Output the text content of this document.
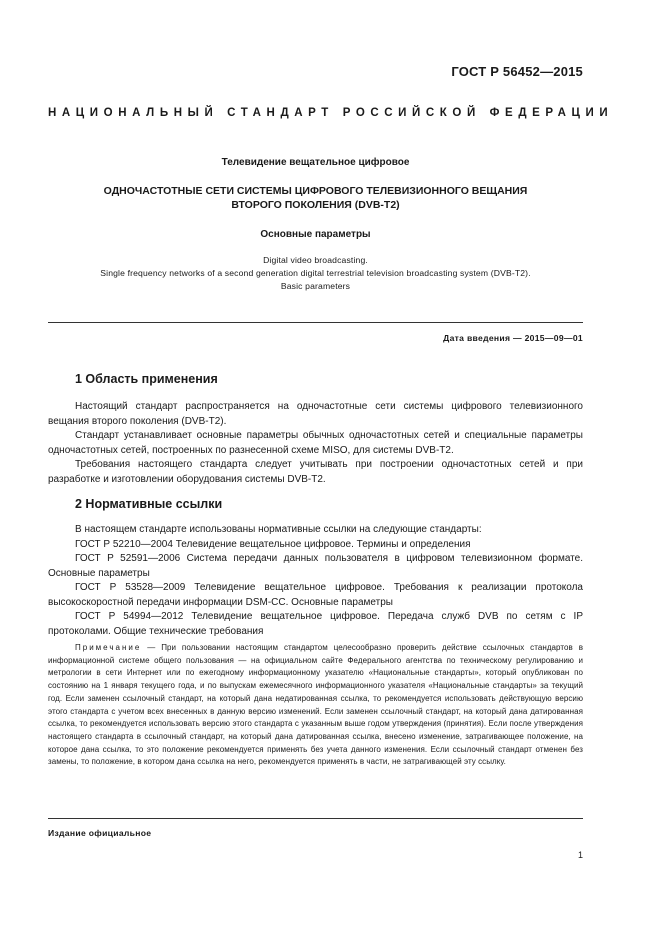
ГОСТ Р 56452—2015
НАЦИОНАЛЬНЫЙ СТАНДАРТ РОССИЙСКОЙ ФЕДЕРАЦИИ
Телевидение вещательное цифровое
ОДНОЧАСТОТНЫЕ СЕТИ СИСТЕМЫ ЦИФРОВОГО ТЕЛЕВИЗИОННОГО ВЕЩАНИЯ
ВТОРОГО ПОКОЛЕНИЯ (DVB-T2)
Основные параметры
Digital video broadcasting.
Single frequency networks of a second generation digital terrestrial television broadcasting system (DVB-T2).
Basic parameters
Дата введения — 2015—09—01
1 Область применения

Настоящий стандарт распространяется на одночастотные сети системы цифрового телевизионного вещания второго поколения (DVB-T2).

Стандарт устанавливает основные параметры обычных одночастотных сетей и специальные параметры одночастотных сетей, построенных по разнесенной схеме MISO, для системы DVB-T2.

Требования настоящего стандарта следует учитывать при построении одночастотных сетей и при разработке и изготовлении оборудования системы DVB-T2.

2 Нормативные ссылки

В настоящем стандарте использованы нормативные ссылки на следующие стандарты:

ГОСТ Р 52210—2004 Телевидение вещательное цифровое. Термины и определения

ГОСТ Р 52591—2006 Система передачи данных пользователя в цифровом телевизионном формате. Основные параметры

ГОСТ Р 53528—2009 Телевидение вещательное цифровое. Требования к реализации протокола высокоскоростной передачи информации DSM-CC. Основные параметры

ГОСТ Р 54994—2012 Телевидение вещательное цифровое. Передача служб DVB по сетям с IP протоколами. Общие технические требования

Примечание — При пользовании настоящим стандартом целесообразно проверить действие ссылочных стандартов в информационной системе общего пользования — на официальном сайте Федерального агентства по техническому регулированию и метрологии в сети Интернет или по ежегодному информационному указателю «Национальные стандарты», который опубликован по состоянию на 1 января текущего года, и по выпускам ежемесячного информационного указателя «Национальные стандарты» за текущий год. Если заменен ссылочный стандарт, на который дана недатированная ссылка, то рекомендуется использовать действующую версию этого стандарта с учетом всех внесенных в данную версию изменений. Если заменен ссылочный стандарт, на который дана датированная ссылка, то рекомендуется использовать версию этого стандарта с указанным выше годом утверждения (принятия). Если после утверждения настоящего стандарта в ссылочный стандарт, на который дана датированная ссылка, внесено изменение, затрагивающее положение, на которое дана ссылка, то это положение рекомендуется применять без учета данного изменения. Если ссылочный стандарт отменен без замены, то положение, в котором дана ссылка на него, рекомендуется применять в части, не затрагивающей эту ссылку.
Издание официальное
1
